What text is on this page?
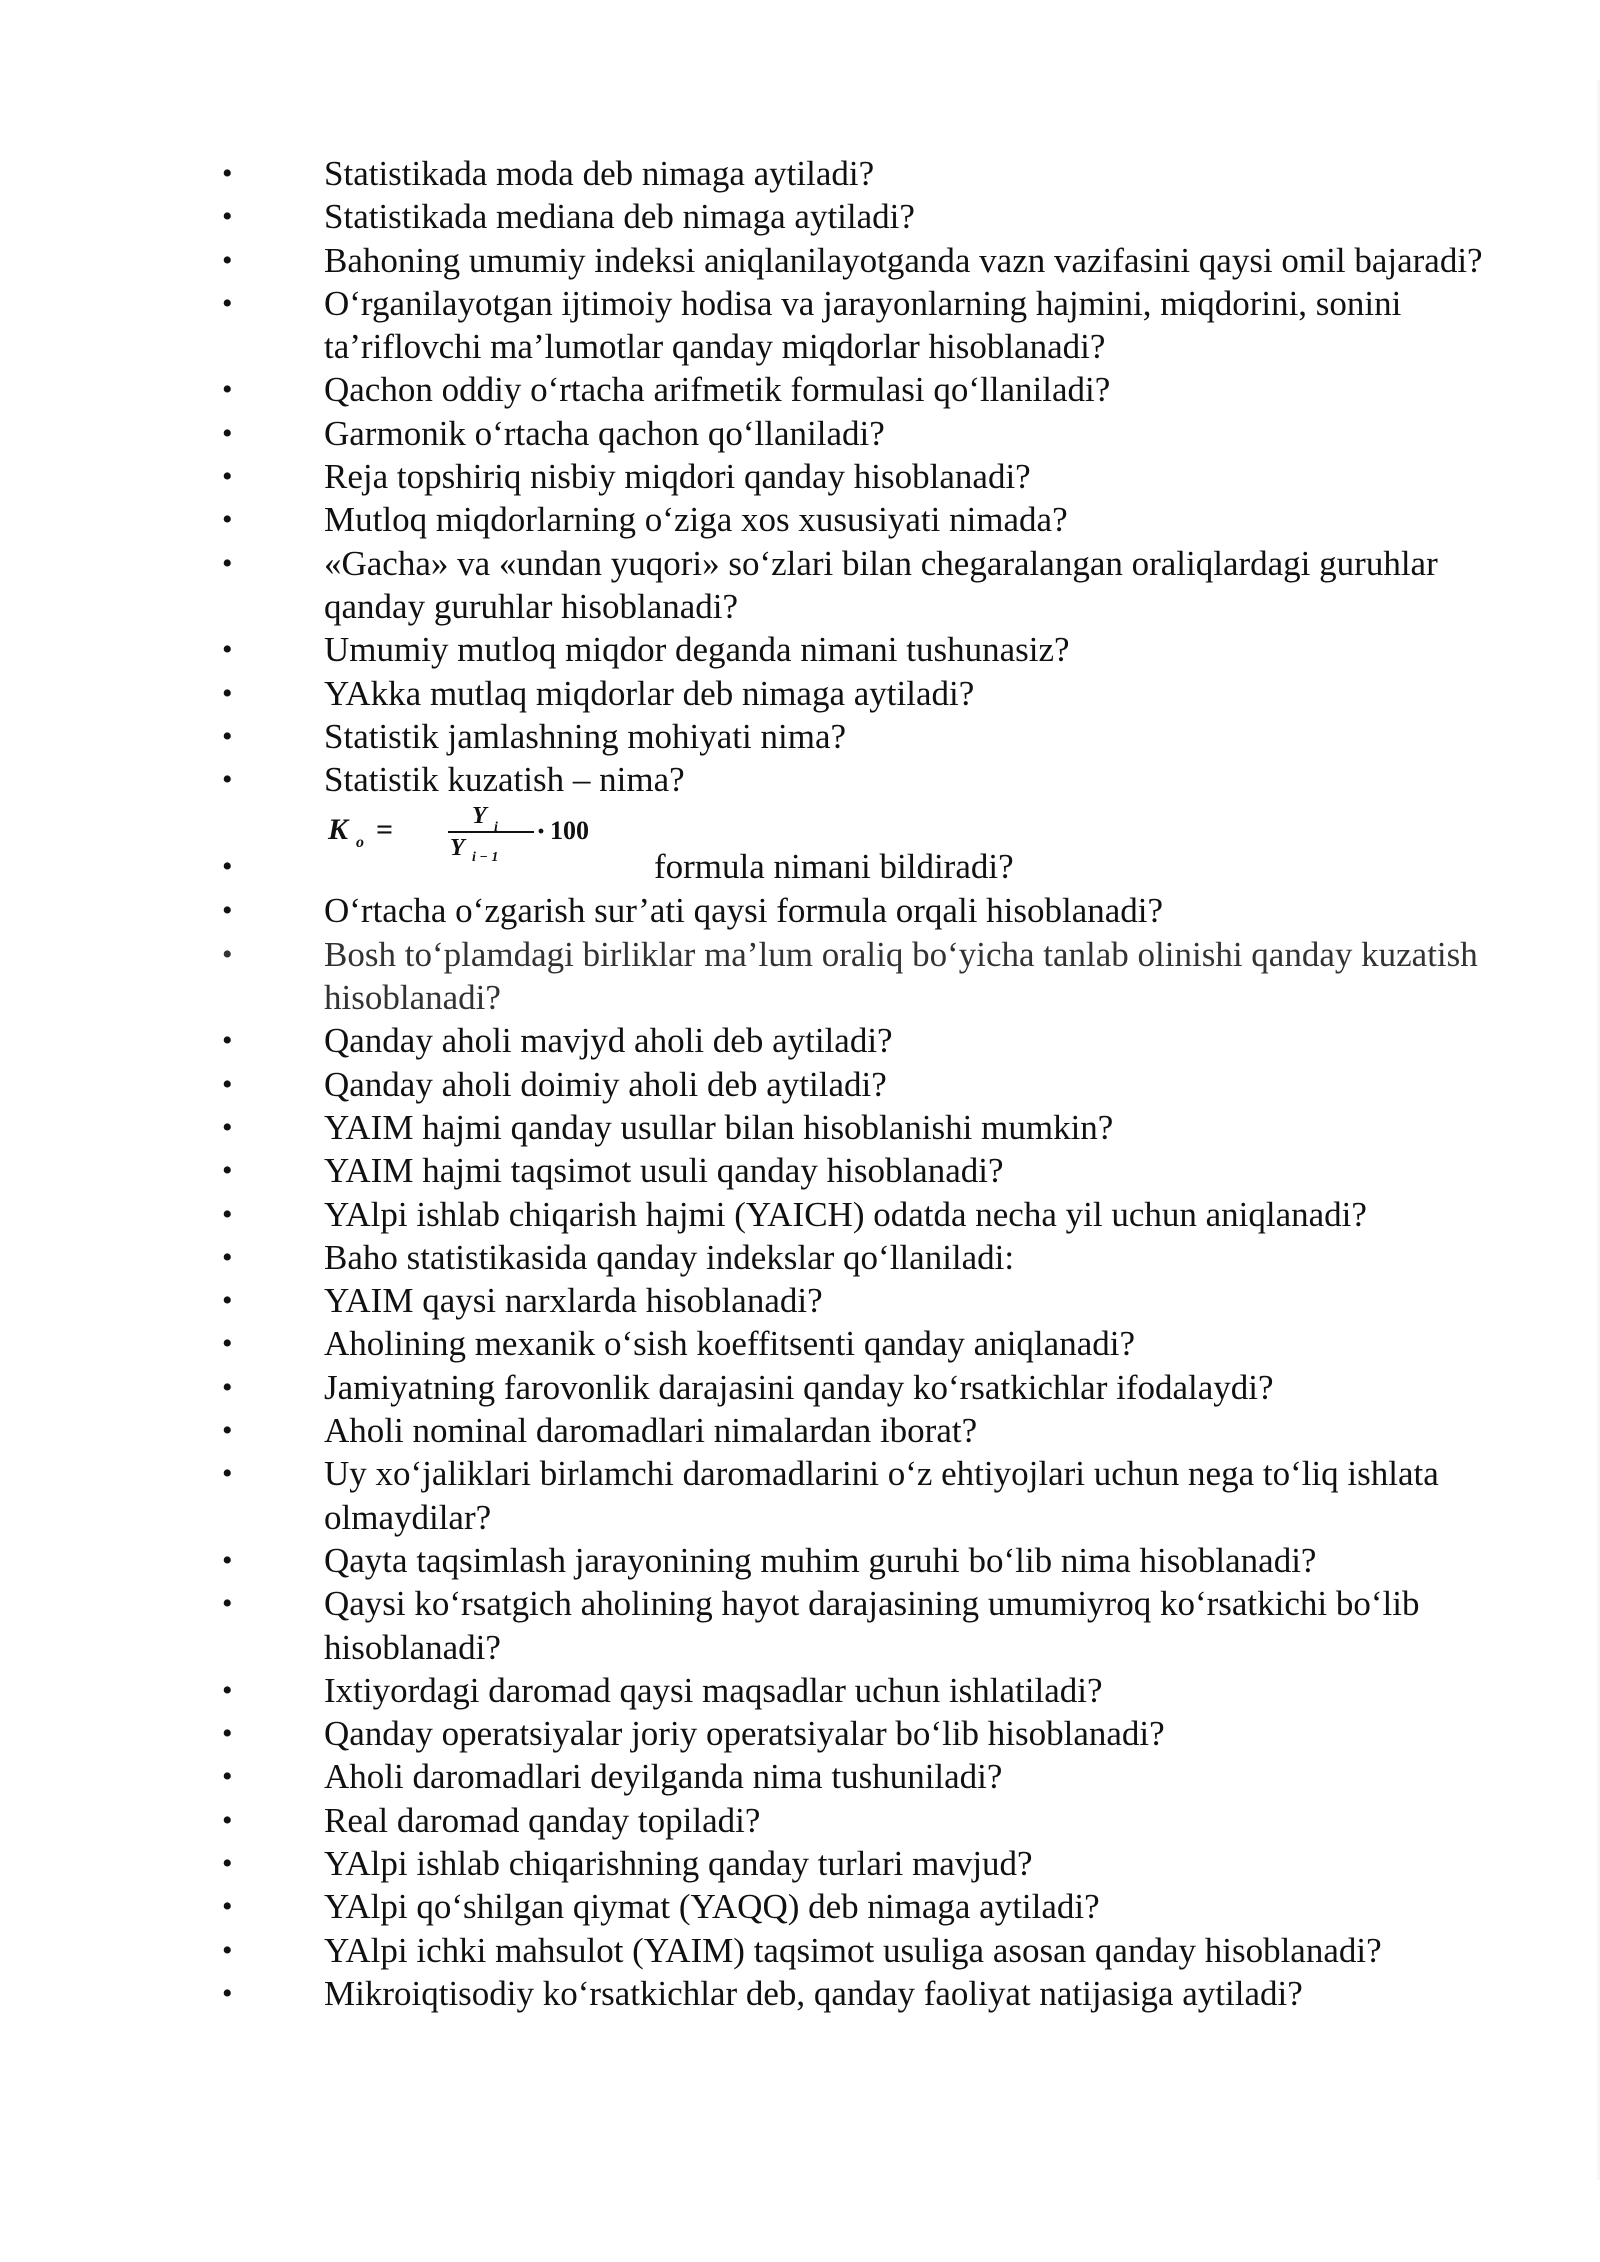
•	Statistikada moda deb nimaga aytiladi?
•	Statistikada mediana deb nimaga aytiladi?
•	Bahoning umumiy indeksi aniqlanilayotganda vazn vazifasini qaysi omil bajaradi?
•	O‘rganilayotgan ijtimoiy hodisa va jarayonlarning hajmini, miqdorini, sonini ta’riflovchi ma’lumotlar qanday miqdorlar hisoblanadi?
•	Qachon oddiy o‘rtacha arifmetik formulasi qo‘llaniladi?
•	Garmonik o‘rtacha qachon qo‘llaniladi?
•	Reja topshiriq nisbiy miqdori qanday hisoblanadi?
•	Mutloq miqdorlarning o‘ziga xos xususiyati nimada?
•	«Gacha» va «undan yuqori» so‘zlari bilan chegaralangan oraliqlardagi guruhlar qanday guruhlar hisoblanadi?
•	Umumiy mutloq miqdor deganda nimani tushunasiz?
•	YAkka mutlaq miqdorlar deb nimaga aytiladi?
•	Statistik jamlashning mohiyati nima?
•	Statistik kuzatish – nima?
•
K o =	Y i
Y i − 1
· 100
formula nimani bildiradi?
•	O‘rtacha o‘zgarish sur’ati qaysi formula orqali hisoblanadi?
•	Bosh to‘plamdagi birliklar ma’lum oraliq bo‘yicha tanlab olinishi qanday kuzatish hisoblanadi?
•	Qanday aholi mavjyd aholi deb aytiladi?
•	Qanday aholi doimiy aholi deb aytiladi?
•	YAIM hajmi qanday usullar bilan hisoblanishi mumkin?
•	YAIM hajmi taqsimot usuli qanday hisoblanadi?
•	YAlpi ishlab chiqarish hajmi (YAICH) odatda necha yil uchun aniqlanadi?
•	Baho statistikasida qanday indekslar qo‘llaniladi:
•	YAIM qaysi narxlarda hisoblanadi?
•	Aholining mexanik o‘sish koeffitsenti qanday aniqlanadi?
•	Jamiyatning farovonlik darajasini qanday ko‘rsatkichlar ifodalaydi?
•	Aholi nominal daromadlari nimalardan iborat?
•	Uy xo‘jaliklari birlamchi daromadlarini o‘z ehtiyojlari uchun nega to‘liq ishlata olmaydilar?
•	Qayta taqsimlash jarayonining muhim guruhi bo‘lib nima hisoblanadi?
•	Qaysi ko‘rsatgich aholining hayot darajasining umumiyroq ko‘rsatkichi bo‘lib hisoblanadi?
•	Ixtiyordagi daromad qaysi maqsadlar uchun ishlatiladi?
•	Qanday operatsiyalar joriy operatsiyalar bo‘lib hisoblanadi?
•	Aholi daromadlari deyilganda nima tushuniladi?
•	Real daromad qanday topiladi?
•	YAlpi ishlab chiqarishning qanday turlari mavjud?
•	YAlpi qo‘shilgan qiymat (YAQQ) deb nimaga aytiladi?
•	YAlpi ichki mahsulot (YAIM) taqsimot usuliga asosan qanday hisoblanadi?
•	Mikroiqtisodiy ko‘rsatkichlar deb, qanday faoliyat natijasiga aytiladi?
